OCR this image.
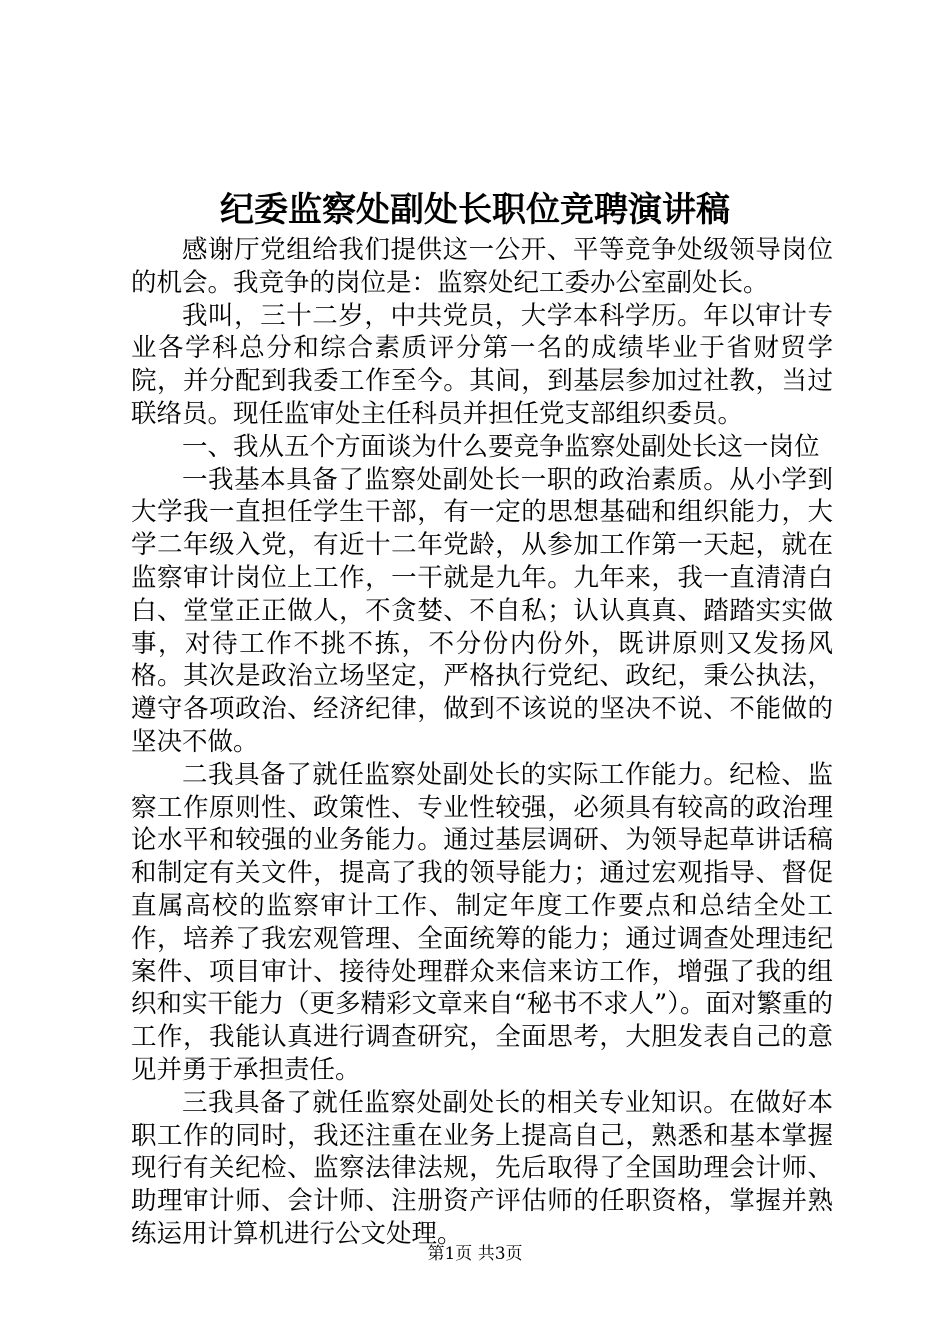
纪委监察处副处长职位竞聘演讲稿

感谢厅党组给我们提供这一公开、平等竞争处级领导岗位的机会。我竞争的岗位是：监察处纪工委办公室副处长。

我叫，三十二岁，中共党员，大学本科学历。年以审计专业各学科总分和综合素质评分第一名的成绩毕业于省财贸学院，并分配到我委工作至今。其间，到基层参加过社教，当过联络员。现任监审处主任科员并担任党支部组织委员。

一、我从五个方面谈为什么要竞争监察处副处长这一岗位

一我基本具备了监察处副处长一职的政治素质。从小学到大学我一直担任学生干部，有一定的思想基础和组织能力，大学二年级入党，有近十二年党龄，从参加工作第一天起，就在监察审计岗位上工作，一干就是九年。九年来，我一直清清白白、堂堂正正做人，不贪婪、不自私；认认真真、踏踏实实做事，对待工作不挑不拣，不分份内份外，既讲原则又发扬风格。其次是政治立场坚定，严格执行党纪、政纪，秉公执法，遵守各项政治、经济纪律，做到不该说的坚决不说、不能做的坚决不做。

二我具备了就任监察处副处长的实际工作能力。纪检、监察工作原则性、政策性、专业性较强，必须具有较高的政治理论水平和较强的业务能力。通过基层调研、为领导起草讲话稿和制定有关文件，提高了我的领导能力；通过宏观指导、督促直属高校的监察审计工作、制定年度工作要点和总结全处工作，培养了我宏观管理、全面统筹的能力；通过调查处理违纪案件、项目审计、接待处理群众来信来访工作，增强了我的组织和实干能力（更多精彩文章来自“秘书不求人”）。面对繁重的工作，我能认真进行调查研究，全面思考，大胆发表自己的意见并勇于承担责任。

三我具备了就任监察处副处长的相关专业知识。在做好本职工作的同时，我还注重在业务上提高自己，熟悉和基本掌握现行有关纪检、监察法律法规，先后取得了全国助理会计师、助理审计师、会计师、注册资产评估师的任职资格，掌握并熟练运用计算机进行公文处理。

第1页 共3页
